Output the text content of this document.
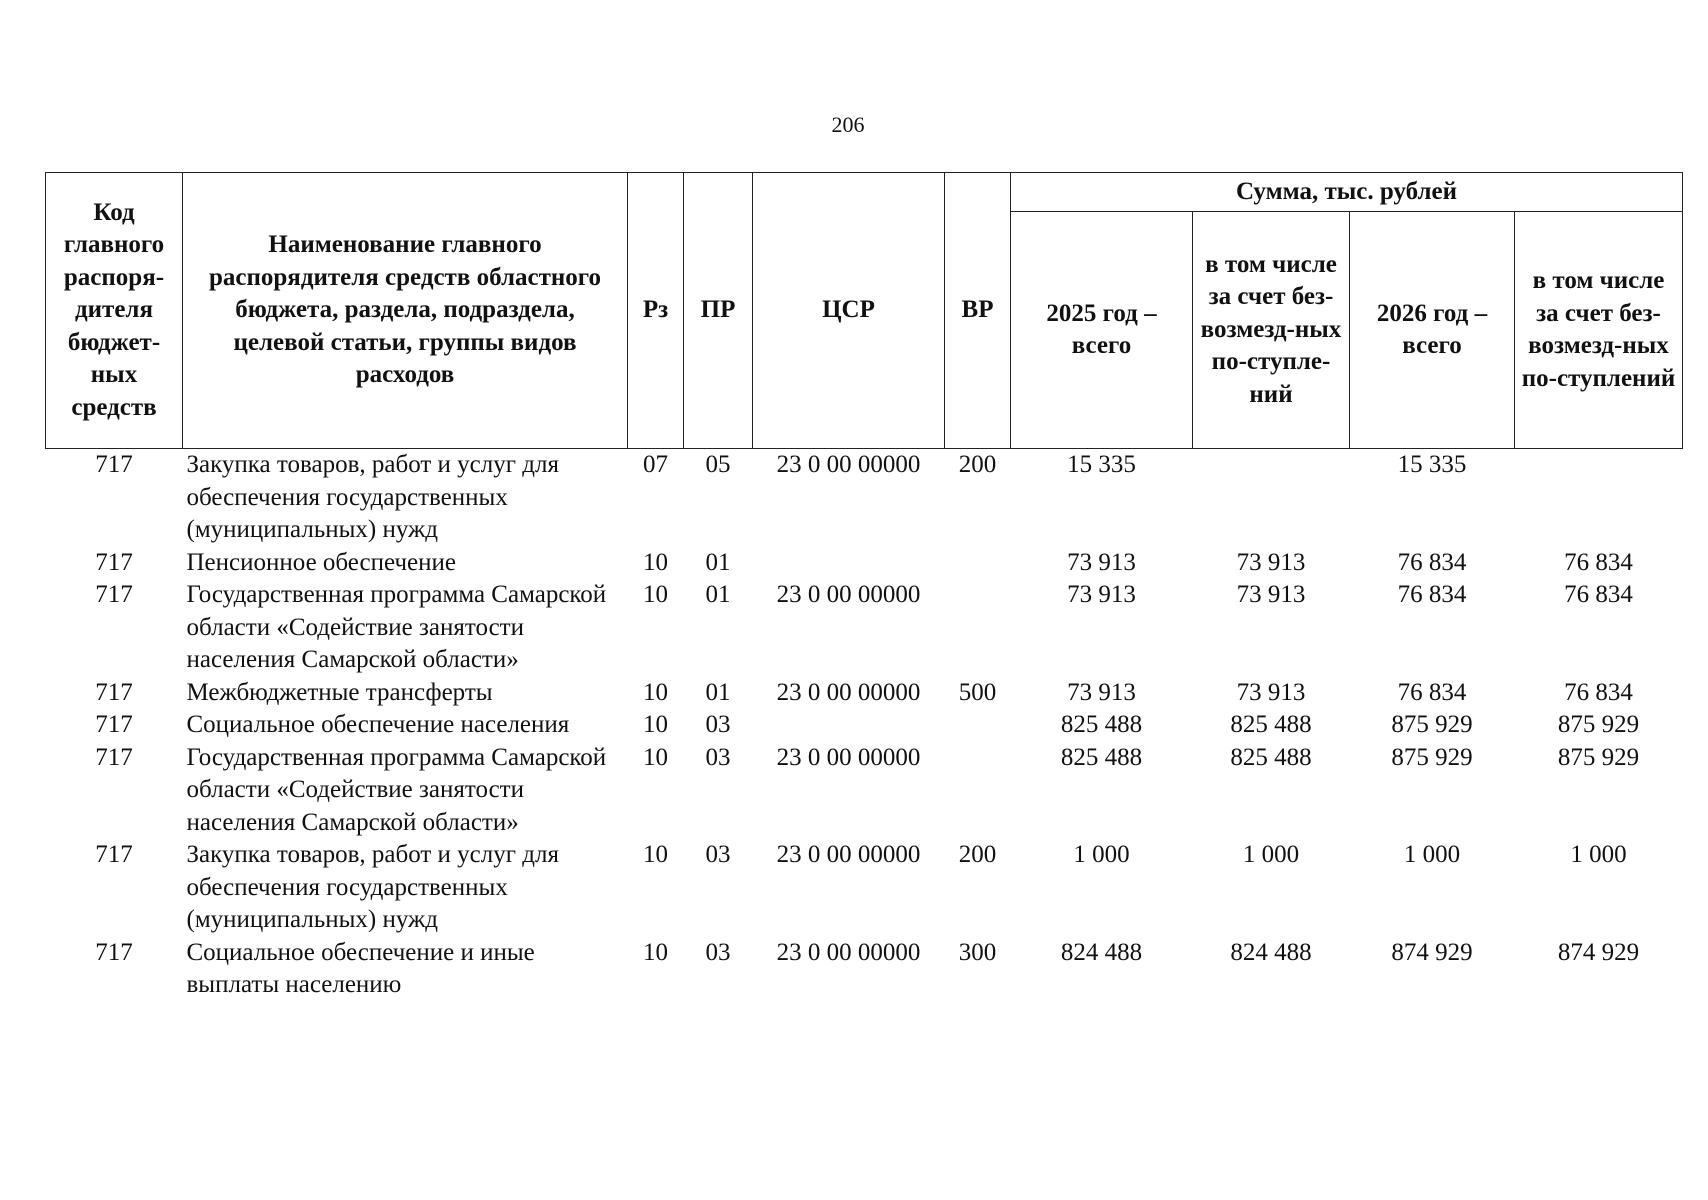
206
Код главного распоря-дителя бюджет-ных средств	Наименование главного распорядителя средств областного бюджета, раздела, подраздела, целевой статьи, группы видов расходов	Рз	ПР	ЦСР	ВР	Сумма, тыс. рублей			
						2025 год – всего	в том числе за счет без-возмезд-ных по-ступле-ний	2026 год – всего	в том числе за счет без-возмезд-ных по-ступлений
717	Закупка товаров, работ и услуг для обеспечения государственных (муниципальных) нужд	07	05	23 0 00 00000	200	15 335		15 335	
717	Пенсионное обеспечение	10	01			73 913	73 913	76 834	76 834
717	Государственная программа Самарской области «Содействие занятости населения Самарской области»	10	01	23 0 00 00000		73 913	73 913	76 834	76 834
717	Межбюджетные трансферты	10	01	23 0 00 00000	500	73 913	73 913	76 834	76 834
717	Социальное обеспечение населения	10	03			825 488	825 488	875 929	875 929
717	Государственная программа Самарской области «Содействие занятости населения Самарской области»	10	03	23 0 00 00000		825 488	825 488	875 929	875 929
717	Закупка товаров, работ и услуг для обеспечения государственных (муниципальных) нужд	10	03	23 0 00 00000	200	1 000	1 000	1 000	1 000
717	Социальное обеспечение и иные выплаты населению	10	03	23 0 00 00000	300	824 488	824 488	874 929	874 929
